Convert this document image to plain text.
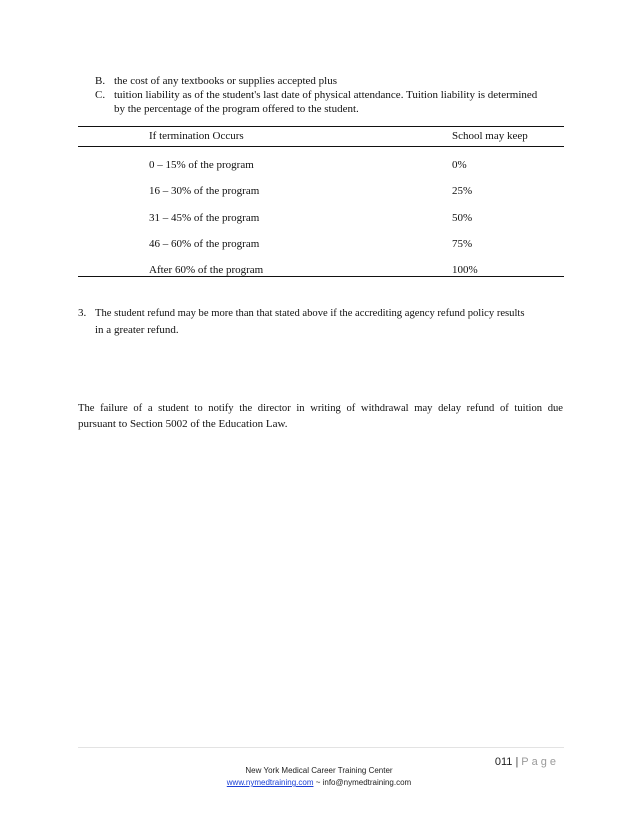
B. the cost of any textbooks or supplies accepted plus
C. tuition liability as of the student's last date of physical attendance. Tuition liability is determined
by the percentage of the program offered to the student.
If termination Occurs	School may keep
0 – 15% of the program	0%
16 – 30% of the program	25%
31 – 45% of the program	50%
46 – 60% of the program	75%
After 60% of the program	100%
3. The student refund may be more than that stated above if the accrediting agency refund policy results
in a greater refund.
The failure of a student to notify the director in writing of withdrawal may delay refund of tuition due
pursuant to Section 5002 of the Education Law.
011 | Page
New York Medical Career Training Center
www.nymedtraining.com ~ info@nymedtraining.com
